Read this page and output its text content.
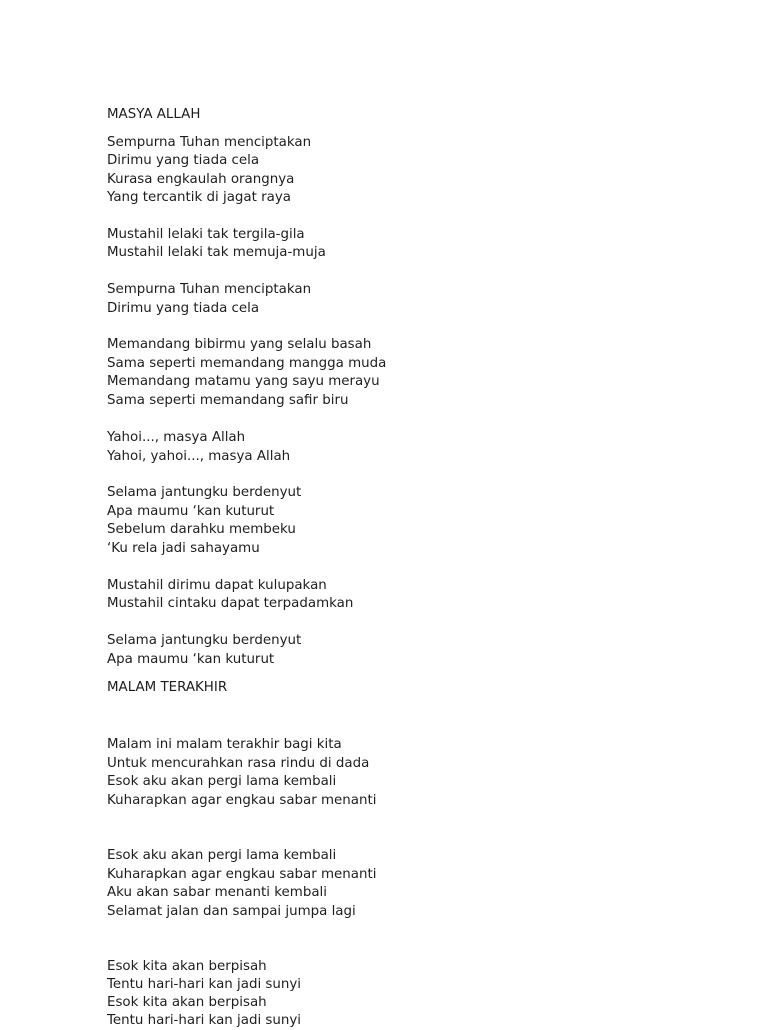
MASYA ALLAH
Sempurna Tuhan menciptakan
Dirimu yang tiada cela
Kurasa engkaulah orangnya
Yang tercantik di jagat raya
Mustahil lelaki tak tergila-gila
Mustahil lelaki tak memuja-muja
Sempurna Tuhan menciptakan
Dirimu yang tiada cela
Memandang bibirmu yang selalu basah
Sama seperti memandang mangga muda
Memandang matamu yang sayu merayu
Sama seperti memandang safir biru
Yahoi..., masya Allah
Yahoi, yahoi..., masya Allah
Selama jantungku berdenyut
Apa maumu ‘kan kuturut
Sebelum darahku membeku
‘Ku rela jadi sahayamu
Mustahil dirimu dapat kulupakan
Mustahil cintaku dapat terpadamkan
Selama jantungku berdenyut
Apa maumu ‘kan kuturut
MALAM TERAKHIR
Malam ini malam terakhir bagi kita
Untuk mencurahkan rasa rindu di dada
Esok aku akan pergi lama kembali
Kuharapkan agar engkau sabar menanti
Esok aku akan pergi lama kembali
Kuharapkan agar engkau sabar menanti
Aku akan sabar menanti kembali
Selamat jalan dan sampai jumpa lagi
Esok kita akan berpisah
Tentu hari-hari kan jadi sunyi
Esok kita akan berpisah
Tentu hari-hari kan jadi sunyi
